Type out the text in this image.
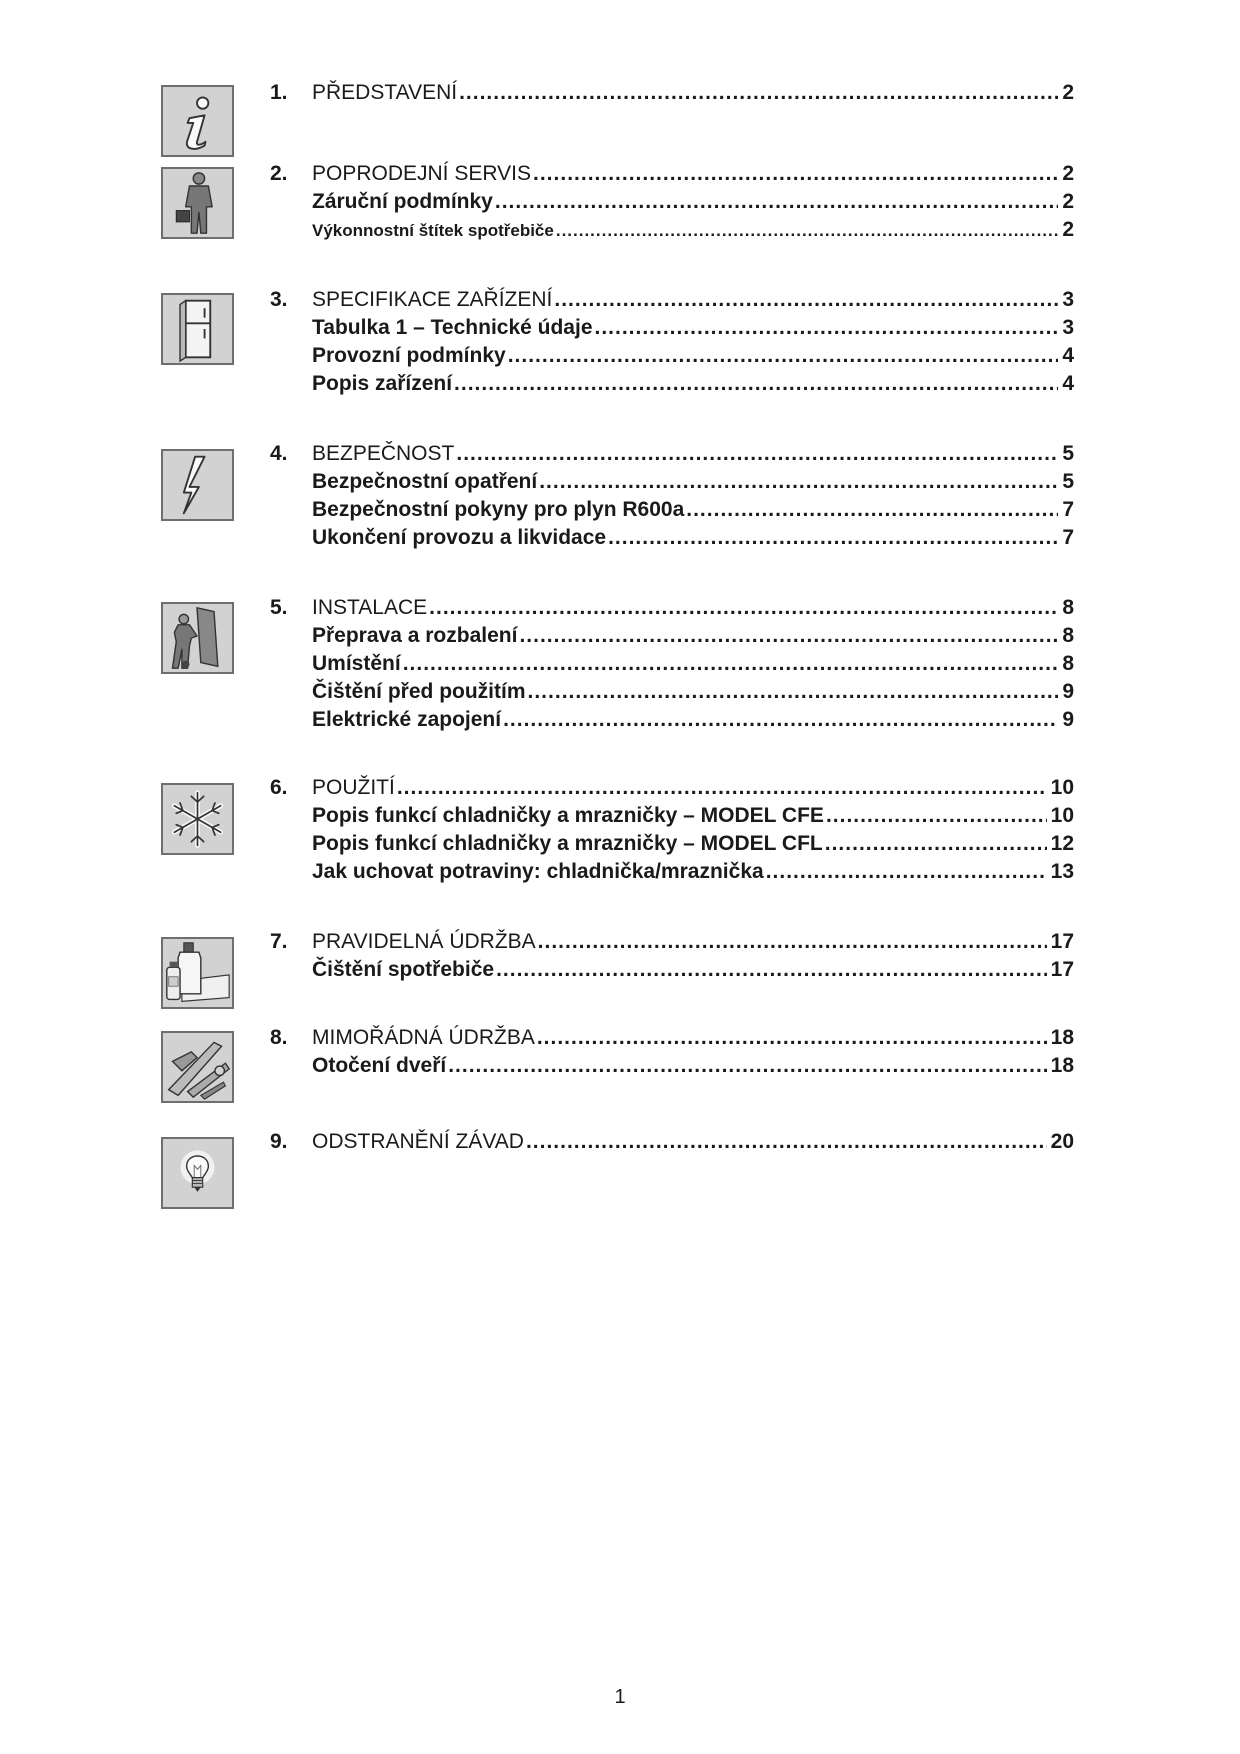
1.	PŘEDSTAVENÍ .....	2
2.	POPRODEJNÍ SERVIS .....	2
Záruční podmínky .....	2
Výkonnostní štítek spotřebiče .....	2
3.	SPECIFIKACE ZAŘÍZENÍ .....	3
Tabulka 1 – Technické údaje .....	3
Provozní podmínky .....	4
Popis zařízení .....	4
4.	BEZPEČNOST .....	5
Bezpečnostní opatření .....	5
Bezpečnostní pokyny pro plyn R600a .....	7
Ukončení provozu a likvidace .....	7
5.	INSTALACE .....	8
Přeprava a rozbalení .....	8
Umístění .....	8
Čištění před použitím .....	9
Elektrické zapojení .....	9
6.	POUŽITÍ .....	10
Popis funkcí chladničky a mrazničky – MODEL CFE .....	10
Popis funkcí chladničky a mrazničky – MODEL CFL .....	12
Jak uchovat potraviny: chladnička/mraznička .....	13
7.	PRAVIDELNÁ ÚDRŽBA .....	17
Čištění spotřebiče .....	17
8.	MIMOŘÁDNÁ ÚDRŽBA .....	18
Otočení dveří .....	18
9.	ODSTRANĚNÍ ZÁVAD .....	20
1
